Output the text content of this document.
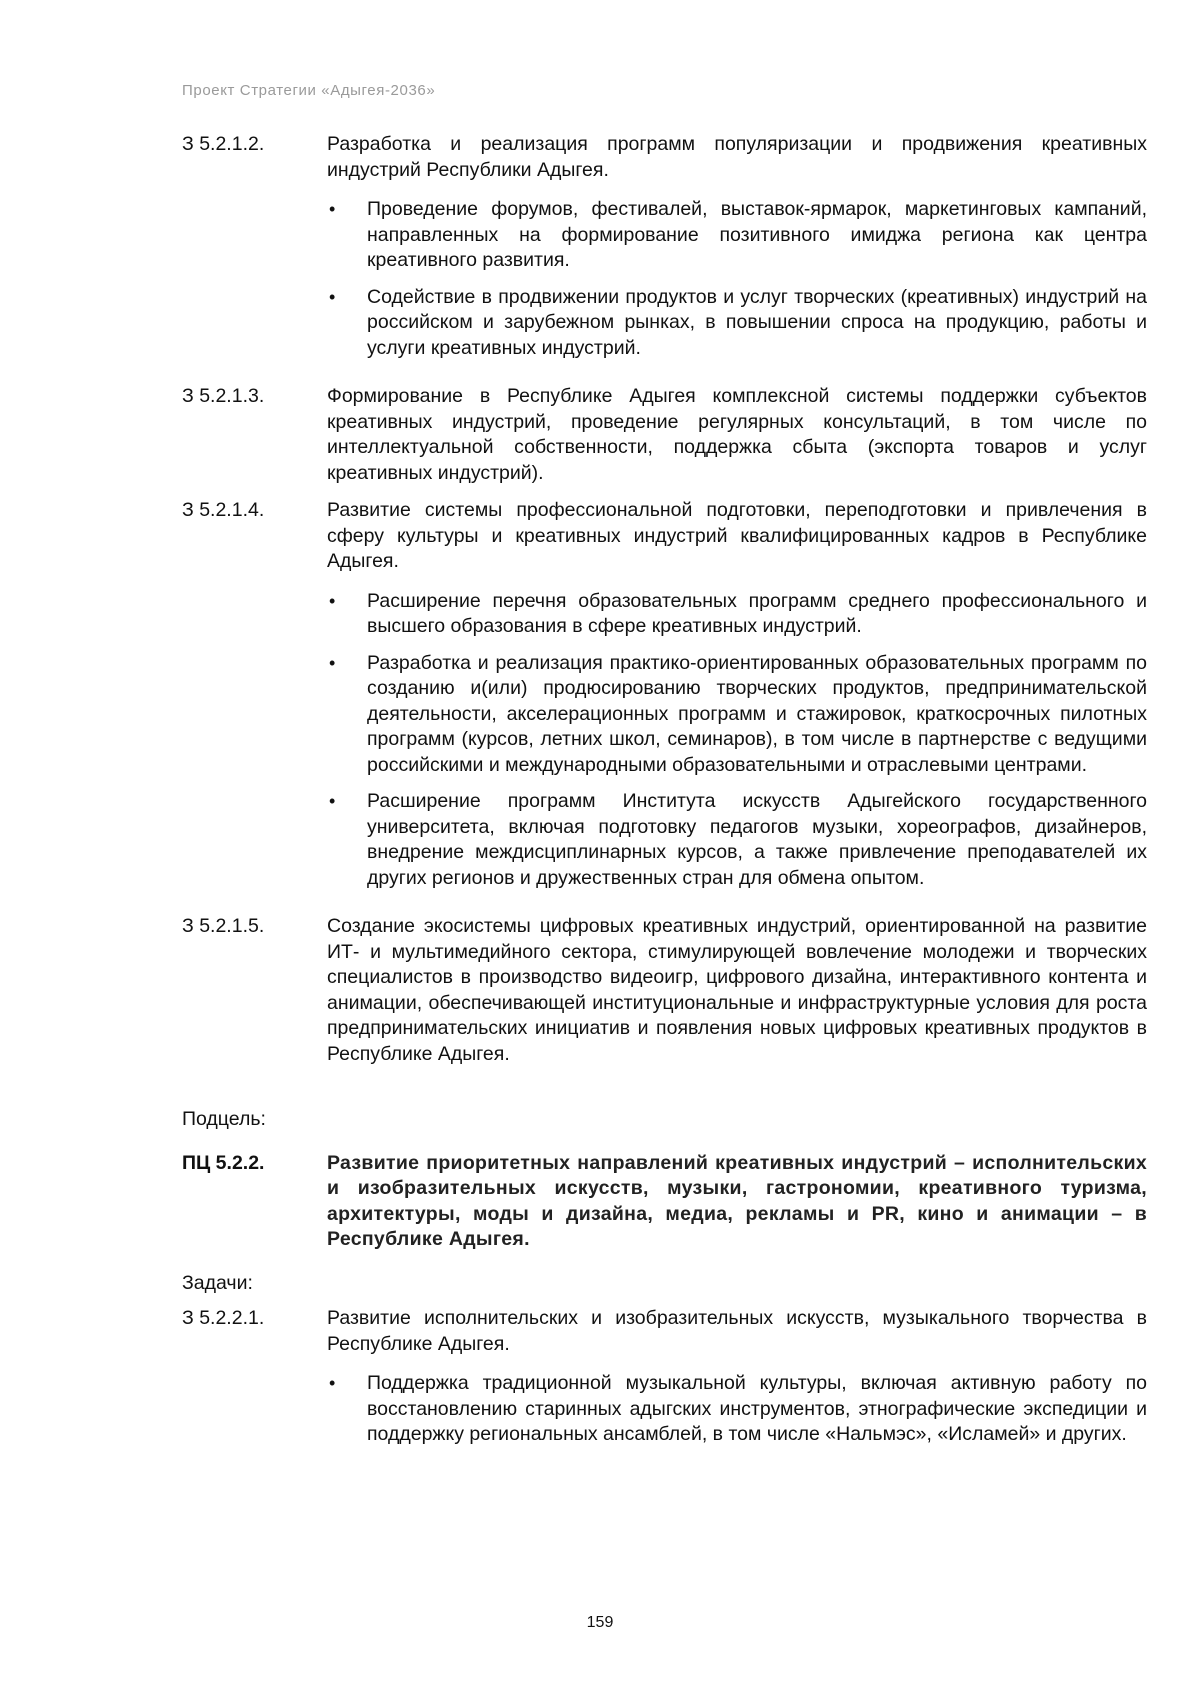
Проект Стратегии «Адыгея-2036»
З 5.2.1.2.	Разработка и реализация программ популяризации и продвижения креативных индустрий Республики Адыгея.
• Проведение форумов, фестивалей, выставок-ярмарок, маркетинговых кампаний, направленных на формирование позитивного имиджа региона как центра креативного развития.
• Содействие в продвижении продуктов и услуг творческих (креативных) индустрий на российском и зарубежном рынках, в повышении спроса на продукцию, работы и услуги креативных индустрий.
З 5.2.1.3.	Формирование в Республике Адыгея комплексной системы поддержки субъектов креативных индустрий, проведение регулярных консультаций, в том числе по интеллектуальной собственности, поддержка сбыта (экспорта товаров и услуг креативных индустрий).
З 5.2.1.4.	Развитие системы профессиональной подготовки, переподготовки и привлечения в сферу культуры и креативных индустрий квалифицированных кадров в Республике Адыгея.
• Расширение перечня образовательных программ среднего профессионального и высшего образования в сфере креативных индустрий.
• Разработка и реализация практико-ориентированных образовательных программ по созданию и(или) продюсированию творческих продуктов, предпринимательской деятельности, акселерационных программ и стажировок, краткосрочных пилотных программ (курсов, летних школ, семинаров), в том числе в партнерстве с ведущими российскими и международными образовательными и отраслевыми центрами.
• Расширение программ Института искусств Адыгейского государственного университета, включая подготовку педагогов музыки, хореографов, дизайнеров, внедрение междисциплинарных курсов, а также привлечение преподавателей их других регионов и дружественных стран для обмена опытом.
З 5.2.1.5.	Создание экосистемы цифровых креативных индустрий, ориентированной на развитие ИТ- и мультимедийного сектора, стимулирующей вовлечение молодежи и творческих специалистов в производство видеоигр, цифрового дизайна, интерактивного контента и анимации, обеспечивающей институциональные и инфраструктурные условия для роста предпринимательских инициатив и появления новых цифровых креативных продуктов в Республике Адыгея.
Подцель:
ПЦ 5.2.2.	Развитие приоритетных направлений креативных индустрий – исполнительских и изобразительных искусств, музыки, гастрономии, креативного туризма, архитектуры, моды и дизайна, медиа, рекламы и PR, кино и анимации – в Республике Адыгея.
Задачи:
З 5.2.2.1.	Развитие исполнительских и изобразительных искусств, музыкального творчества в Республике Адыгея.
• Поддержка традиционной музыкальной культуры, включая активную работу по восстановлению старинных адыгских инструментов, этнографические экспедиции и поддержку региональных ансамблей, в том числе «Нальмэс», «Исламей» и других.
159
